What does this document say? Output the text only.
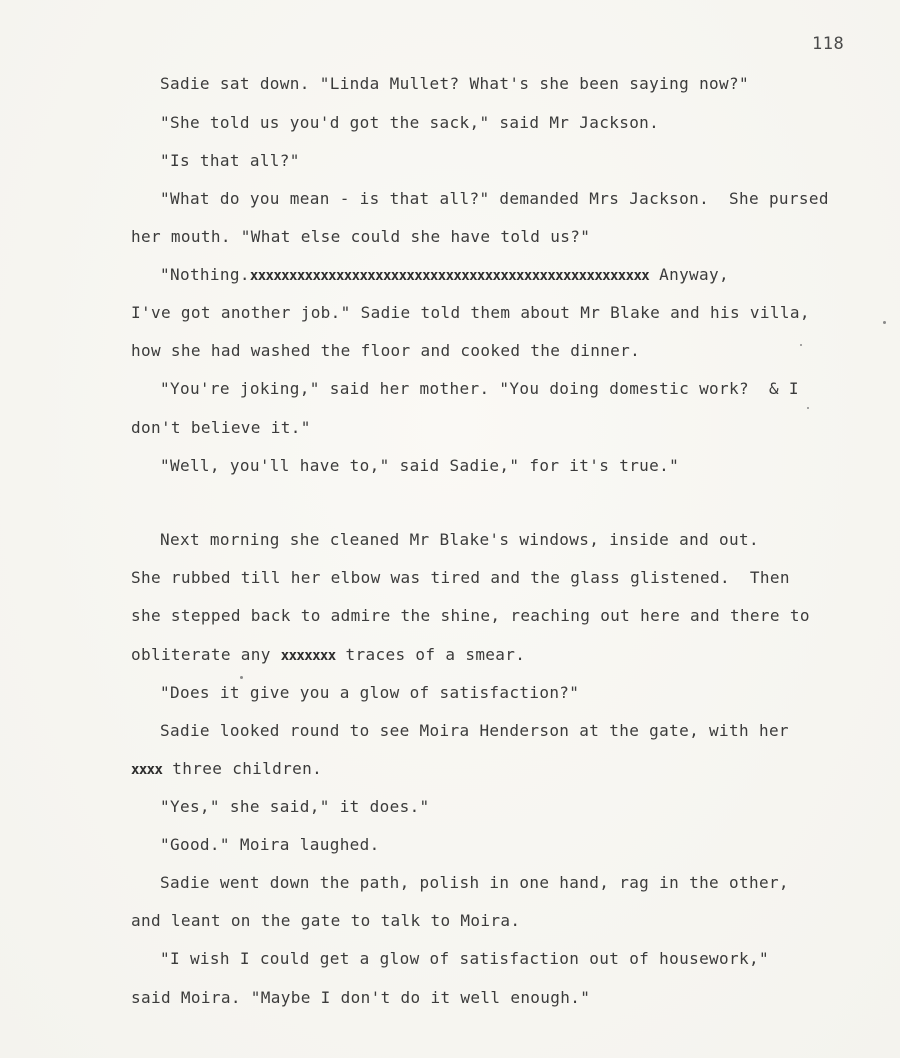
118
Sadie sat down. "Linda Mullet? What's she been saying now?"
"She told us you'd got the sack," said Mr Jackson.
"Is that all?"
"What do you mean - is that all?" demanded Mrs Jackson.  She pursed
her mouth. "What else could she have told us?"
"Nothing.xxxxxxxxxxxxxxxxxxxxxxxxxxxxxxxxxxxxxxxxxxxxxxxxxxx Anyway,
I've got another job." Sadie told them about Mr Blake and his villa,
how she had washed the floor and cooked the dinner.
"You're joking," said her mother. "You doing domestic work?  & I
don't believe it."
"Well, you'll have to," said Sadie," for it's true."
Next morning she cleaned Mr Blake's windows, inside and out.
She rubbed till her elbow was tired and the glass glistened.  Then
she stepped back to admire the shine, reaching out here and there to
obliterate any xxxxxxx traces of a smear.
"Does it give you a glow of satisfaction?"
Sadie looked round to see Moira Henderson at the gate, with her
xxxx three children.
"Yes," she said," it does."
"Good." Moira laughed.
Sadie went down the path, polish in one hand, rag in the other,
and leant on the gate to talk to Moira.
"I wish I could get a glow of satisfaction out of housework,"
said Moira. "Maybe I don't do it well enough."
